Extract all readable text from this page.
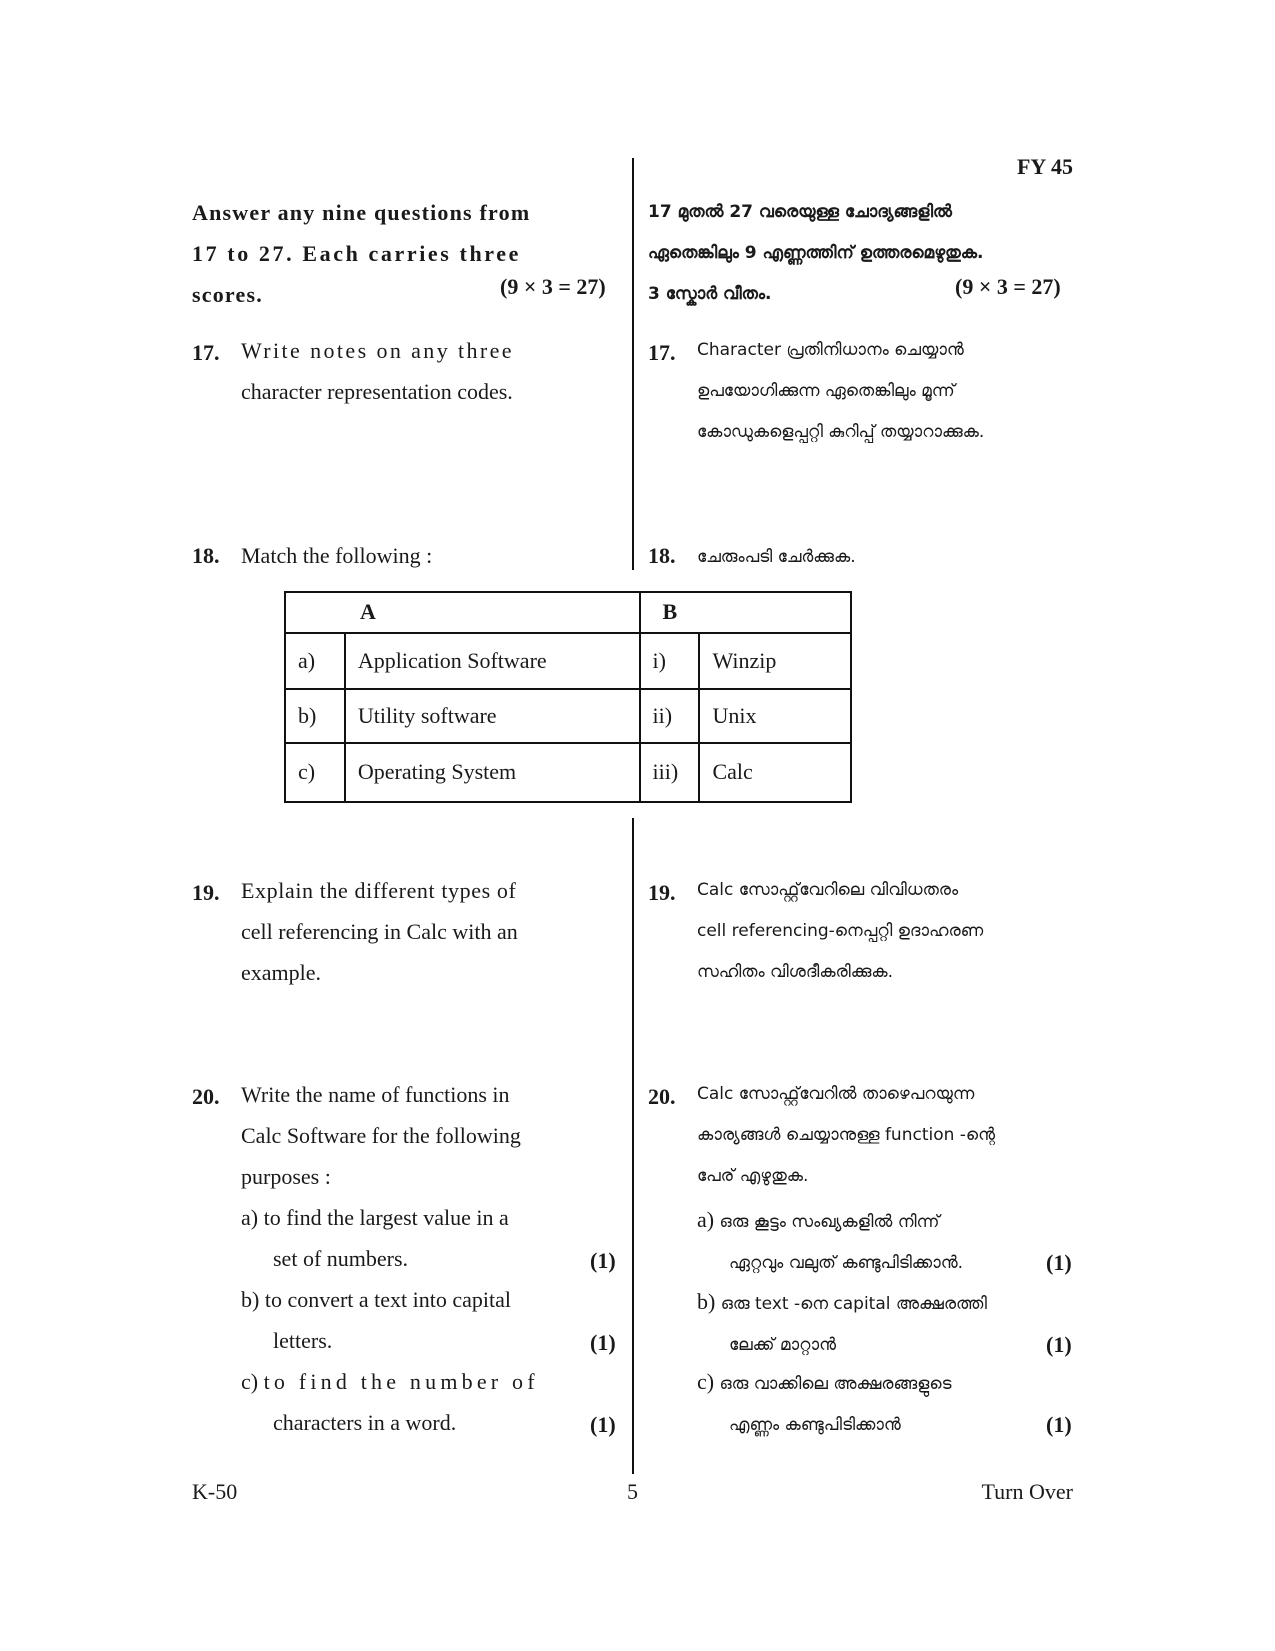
FY 45
Answer any nine questions from
17 to 27. Each carries three
scores.	(9 × 3 = 27)
17 മുതൽ 27 വരെയുള്ള ചോദ്യങ്ങളിൽ
ഏതെങ്കിലും 9 എണ്ണത്തിന് ഉത്തരമെഴുതുക.
3 സ്കോർ വീതം.	(9 × 3 = 27)
17. Write notes on any three
character representation codes.
17. Character പ്രതിനിധാനം ചെയ്യാൻ
ഉപയോഗിക്കുന്ന ഏതെങ്കിലും മൂന്ന്
കോഡുകളെപ്പറ്റി കുറിപ്പ് തയ്യാറാക്കുക.
18. Match the following :	18. ചേരുംപടി ചേർക്കുക.
A		B	
a)	Application Software	i)	Winzip
b)	Utility software	ii)	Unix
c)	Operating System	iii)	Calc
19. Explain the different types of
cell referencing in Calc with an
example.
19. Calc സോഫ്റ്റ്‌വേറിലെ വിവിധതരം
cell referencing-നെപ്പറ്റി ഉദാഹരണ
സഹിതം വിശദീകരിക്കുക.
20. Write the name of functions in
Calc Software for the following
purposes :
a) to find the largest value in a
set of numbers.	(1)
b) to convert a text into capital
letters.	(1)
c) to find the number of
characters in a word.	(1)
20. Calc സോഫ്റ്റ്‌വേറിൽ താഴെപറയുന്ന
കാര്യങ്ങൾ ചെയ്യാനുള്ള function -ന്റെ
പേര് എഴുതുക.
a) ഒരു കൂട്ടം സംഖ്യകളിൽ നിന്ന്
ഏറ്റവും വലുത് കണ്ടുപിടിക്കാൻ.	(1)
b) ഒരു text -നെ capital അക്ഷരത്തി
ലേക്ക് മാറ്റാൻ	(1)
c) ഒരു വാക്കിലെ അക്ഷരങ്ങളുടെ
എണ്ണം കണ്ടുപിടിക്കാൻ	(1)
K-50	5	Turn Over
